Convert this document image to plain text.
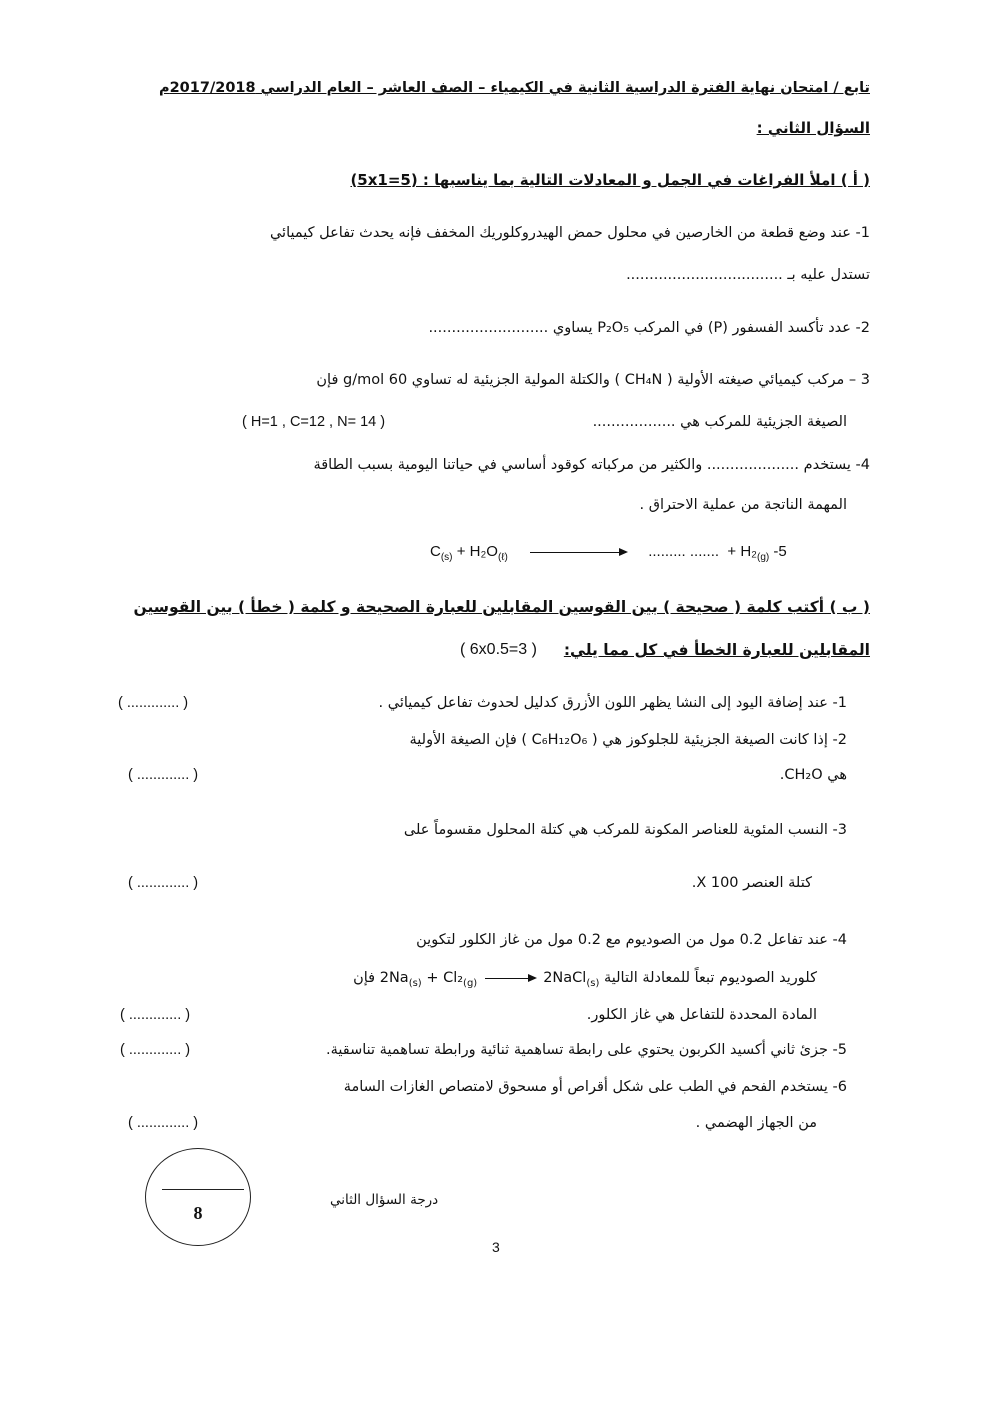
تابع / امتحان نهاية الفترة الدراسية الثانية في الكيمياء – الصف العاشر – العام الدراسي 2017/2018م
السؤال الثاني :
( أ ) املأ الفراغات في الجمل و المعادلات التالية بما يناسبها : (5x1=5)
1- عند وضع قطعة من الخارصين في محلول حمض الهيدروكلوريك المخفف فإنه يحدث تفاعل كيميائي
تستدل عليه بـ ..................................
2- عدد تأكسد الفسفور (P) في المركب P₂O₅ يساوي ..........................
3 – مركب كيميائي صيغته الأولية ( CH₄N ) والكتلة المولية الجزيئية له تساوي 60 g/mol فإن
الصيغة الجزيئية للمركب هي ..................
( H=1 , C=12 , N= 14 )
4- يستخدم .................... والكثير من مركباته كوقود أساسي في حياتنا اليومية بسبب الطاقة
المهمة الناتجة من عملية الاحتراق .
$C_{(s)} + H_2O_{(\ell)}$	......... ....... + $H_2_{(g)}$ -5
( ب ) أكتب كلمة ( صحيحة ) بين القوسين المقابلين للعبارة الصحيحة و كلمة ( خطأ ) بين القوسين
المقابلين للعبارة الخطأ في كل مما يلي:
( 6x0.5=3 )
1- عند إضافة اليود إلى النشا يظهر اللون الأزرق كدليل لحدوث تفاعل كيميائي .
( ............. )
2- إذا كانت الصيغة الجزيئية للجلوكوز هي ( C₆H₁₂O₆ ) فإن الصيغة الأولية
هي CH₂O.
( ............. )
3- النسب المئوية للعناصر المكونة للمركب هي كتلة المحلول مقسوماً على
كتلة العنصر X 100.
( ............. )
4- عند تفاعل 0.2 مول من الصوديوم مع 0.2 مول من غاز الكلور لتكوين
كلوريد الصوديوم تبعاً للمعادلة التالية $2Na_{(s)} + Cl_2_{(g)}$ → 2NaCl$_{(s)}$ فإن
المادة المحددة للتفاعل هي غاز الكلور.
( ............. )
5- جزئ ثاني أكسيد الكربون يحتوي على رابطة تساهمية ثنائية ورابطة تساهمية تناسقية.
( ............. )
6- يستخدم الفحم في الطب على شكل أقراص أو مسحوق لامتصاص الغازات السامة
من الجهاز الهضمي .
( ............. )
8
درجة السؤال الثاني
3
